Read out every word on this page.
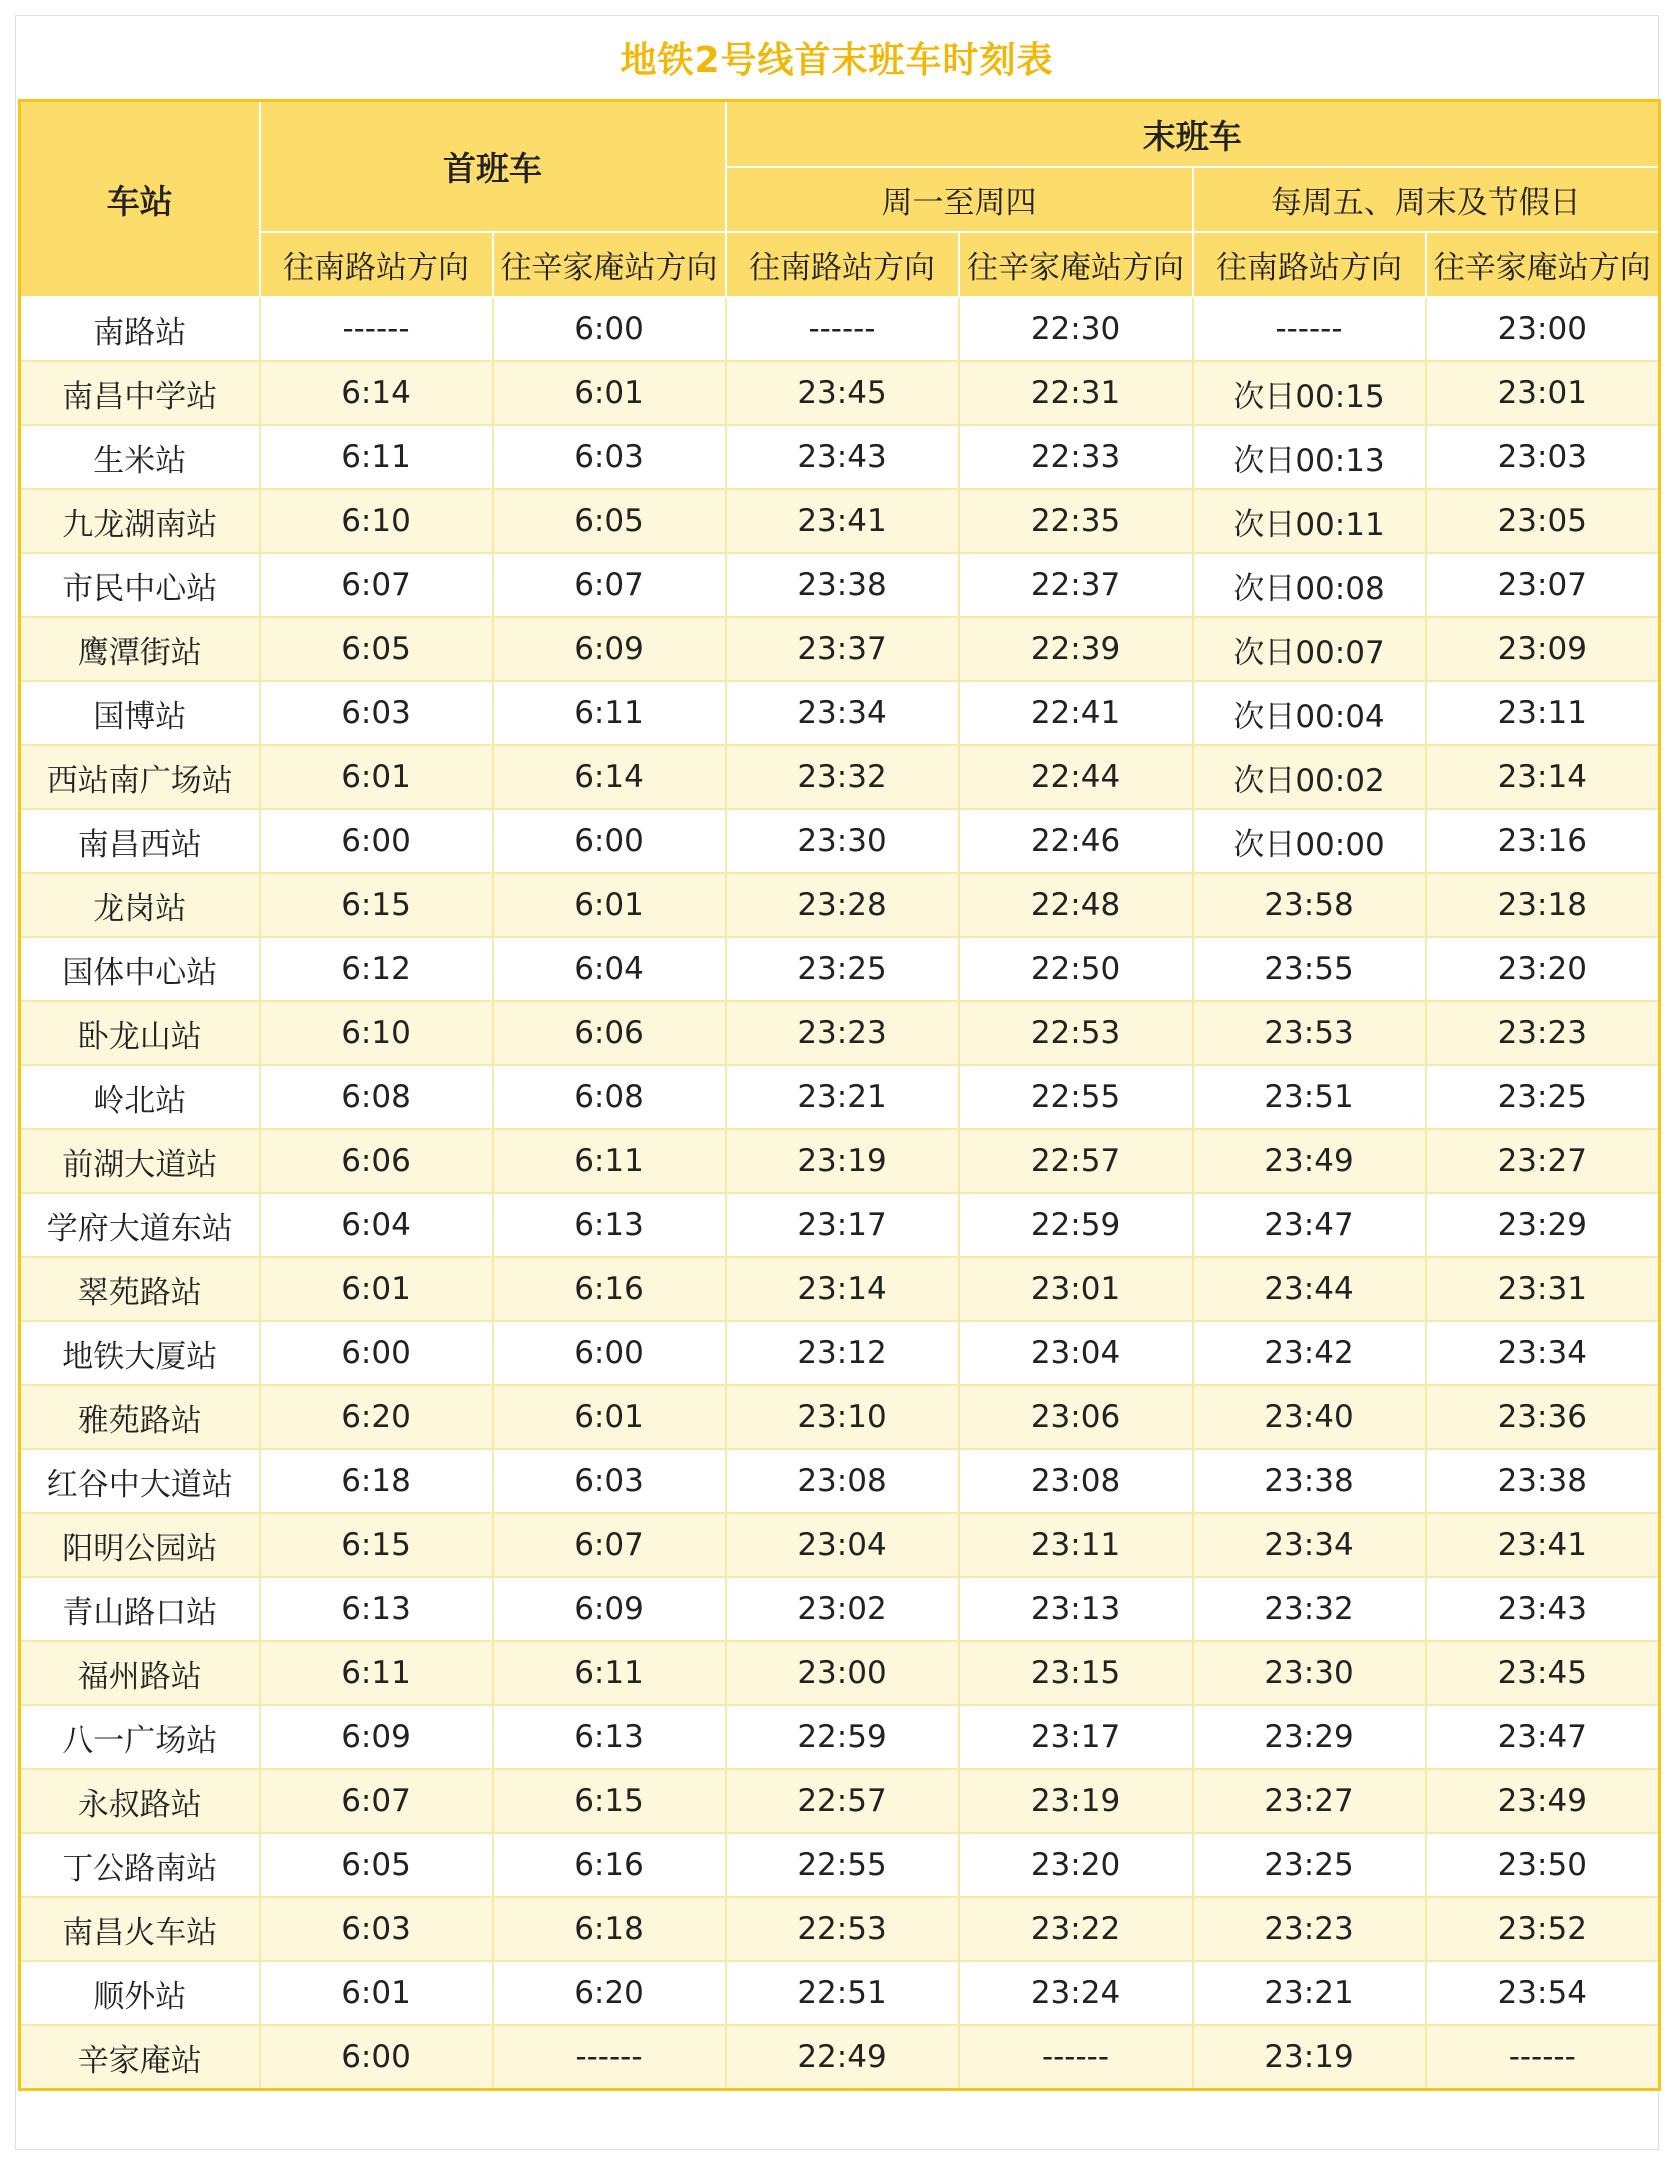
地铁2号线首末班车时刻表
车站	首班车		末班车			
			周一至周四		每周五、周末及节假日	
	往南路站方向	往辛家庵站方向	往南路站方向	往辛家庵站方向	往南路站方向	往辛家庵站方向
南路站	------	6:00	------	22:30	------	23:00
南昌中学站	6:14	6:01	23:45	22:31	次日00:15	23:01
生米站	6:11	6:03	23:43	22:33	次日00:13	23:03
九龙湖南站	6:10	6:05	23:41	22:35	次日00:11	23:05
市民中心站	6:07	6:07	23:38	22:37	次日00:08	23:07
鹰潭街站	6:05	6:09	23:37	22:39	次日00:07	23:09
国博站	6:03	6:11	23:34	22:41	次日00:04	23:11
西站南广场站	6:01	6:14	23:32	22:44	次日00:02	23:14
南昌西站	6:00	6:00	23:30	22:46	次日00:00	23:16
龙岗站	6:15	6:01	23:28	22:48	23:58	23:18
国体中心站	6:12	6:04	23:25	22:50	23:55	23:20
卧龙山站	6:10	6:06	23:23	22:53	23:53	23:23
岭北站	6:08	6:08	23:21	22:55	23:51	23:25
前湖大道站	6:06	6:11	23:19	22:57	23:49	23:27
学府大道东站	6:04	6:13	23:17	22:59	23:47	23:29
翠苑路站	6:01	6:16	23:14	23:01	23:44	23:31
地铁大厦站	6:00	6:00	23:12	23:04	23:42	23:34
雅苑路站	6:20	6:01	23:10	23:06	23:40	23:36
红谷中大道站	6:18	6:03	23:08	23:08	23:38	23:38
阳明公园站	6:15	6:07	23:04	23:11	23:34	23:41
青山路口站	6:13	6:09	23:02	23:13	23:32	23:43
福州路站	6:11	6:11	23:00	23:15	23:30	23:45
八一广场站	6:09	6:13	22:59	23:17	23:29	23:47
永叔路站	6:07	6:15	22:57	23:19	23:27	23:49
丁公路南站	6:05	6:16	22:55	23:20	23:25	23:50
南昌火车站	6:03	6:18	22:53	23:22	23:23	23:52
顺外站	6:01	6:20	22:51	23:24	23:21	23:54
辛家庵站	6:00	------	22:49	------	23:19	------
